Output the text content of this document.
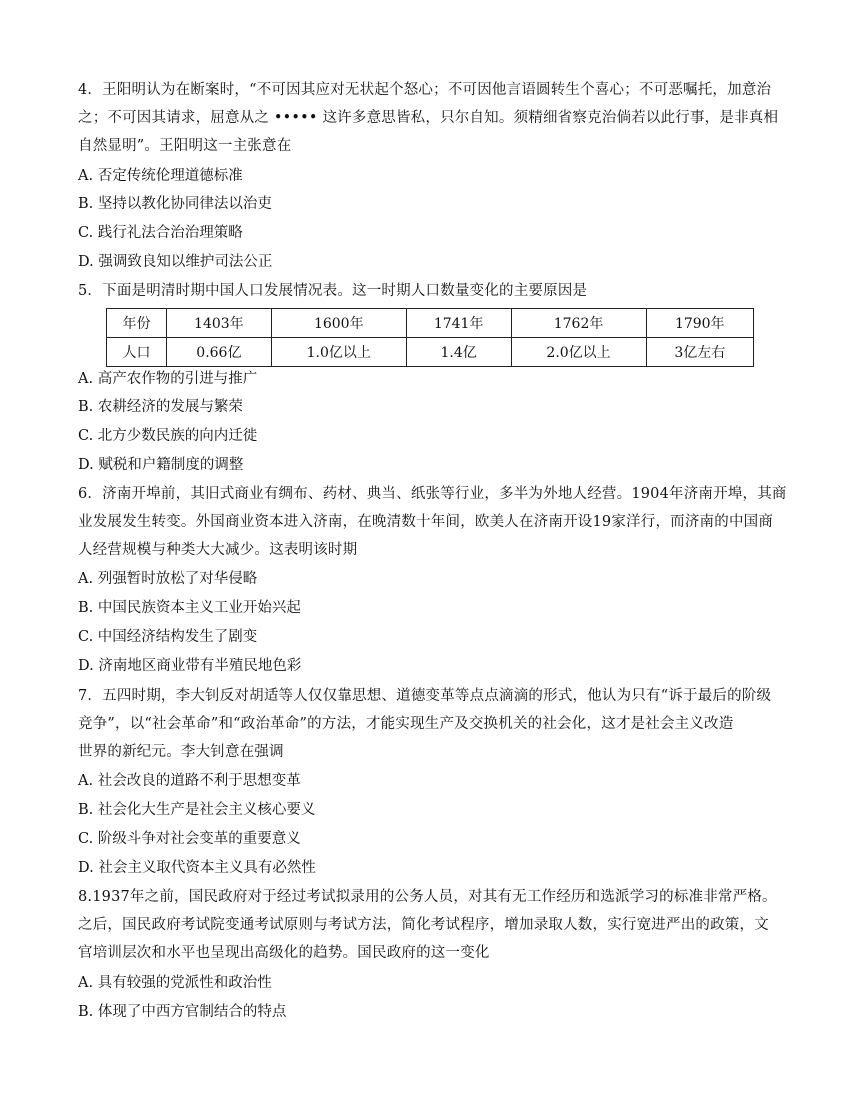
4．王阳明认为在断案时，“不可因其应对无状起个怒心；不可因他言语圆转生个喜心；不可恶嘱托，加意治
之；不可因其请求，屈意从之 ••••• 这许多意思皆私，只尔自知。须精细省察克治倘若以此行事，是非真相
自然显明”。王阳明这一主张意在
A. 否定传统伦理道德标准
B. 坚持以教化协同律法以治吏
C. 践行礼法合治治理策略
D. 强调致良知以维护司法公正
5．下面是明清时期中国人口发展情况表。这一时期人口数量变化的主要原因是
年份	1403年	1600年	1741年	1762年	1790年
人口	0.66亿	1.0亿以上	1.4亿	2.0亿以上	3亿左右
A. 高产农作物的引进与推广
B. 农耕经济的发展与繁荣
C. 北方少数民族的向内迁徙
D. 赋税和户籍制度的调整
6．济南开埠前，其旧式商业有绸布、药材、典当、纸张等行业，多半为外地人经营。1904年济南开埠，其商
业发展发生转变。外国商业资本进入济南，在晚清数十年间，欧美人在济南开设19家洋行，而济南的中国商
人经营规模与种类大大减少。这表明该时期
A. 列强暂时放松了对华侵略
B. 中国民族资本主义工业开始兴起
C. 中国经济结构发生了剧变
D. 济南地区商业带有半殖民地色彩
7．五四时期，李大钊反对胡适等人仅仅靠思想、道德变革等点点滴滴的形式，他认为只有“诉于最后的阶级
竞争”，以“社会革命”和“政治革命”的方法，才能实现生产及交换机关的社会化，这才是社会主义改造
世界的新纪元。李大钊意在强调
A. 社会改良的道路不利于思想变革
B. 社会化大生产是社会主义核心要义
C. 阶级斗争对社会变革的重要意义
D. 社会主义取代资本主义具有必然性
8.1937年之前，国民政府对于经过考试拟录用的公务人员，对其有无工作经历和选派学习的标准非常严格。
之后，国民政府考试院变通考试原则与考试方法，简化考试程序，增加录取人数，实行宽进严出的政策，文
官培训层次和水平也呈现出高级化的趋势。国民政府的这一变化
A. 具有较强的党派性和政治性
B. 体现了中西方官制结合的特点
